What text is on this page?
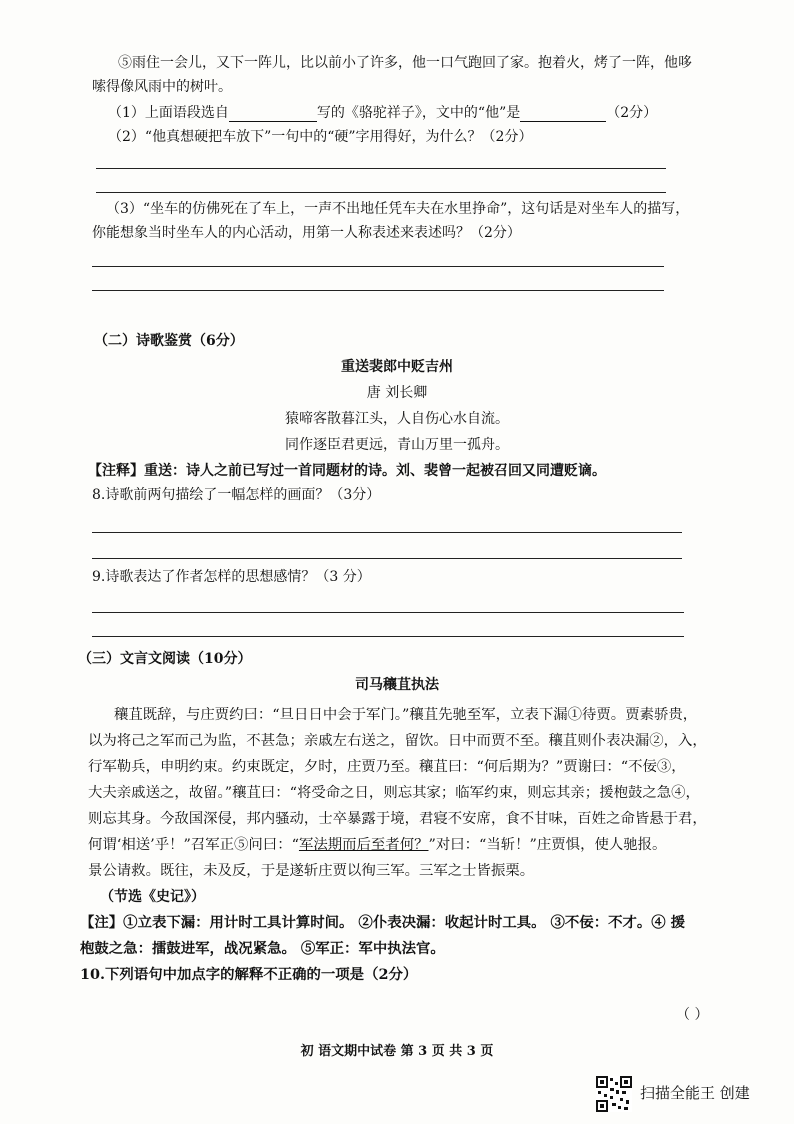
⑤雨住一会儿，又下一阵儿，比以前小了许多，他一口气跑回了家。抱着火，烤了一阵，他哆
嗦得像风雨中的树叶。
（1）上面语段选自	写的《骆驼祥子》，文中的“他”是	（2分）
（2）“他真想硬把车放下”一句中的“硬”字用得好，为什么？（2分）
（3）“坐车的仿佛死在了车上，一声不出地任凭车夫在水里挣命”，这句话是对坐车人的描写，
你能想象当时坐车人的内心活动，用第一人称表述来表述吗？（2分）
（二）诗歌鉴赏（6分）
重送裴郎中贬吉州
唐 刘长卿
猿啼客散暮江头，人自伤心水自流。
同作逐臣君更远，青山万里一孤舟。
【注释】重送：诗人之前已写过一首同题材的诗。刘、裴曾一起被召回又同遭贬谪。
8.诗歌前两句描绘了一幅怎样的画面？（3分）
9.诗歌表达了作者怎样的思想感情？（3 分）
（三）文言文阅读（10分）
司马穰苴执法
穰苴既辞，与庄贾约曰：“旦日日中会于军门。”穰苴先驰至军，立表下漏①待贾。贾素骄贵，
以为将己之军而己为监，不甚急；亲戚左右送之，留饮。日中而贾不至。穰苴则仆表决漏②，入，
行军勒兵，申明约束。约束既定，夕时，庄贾乃至。穰苴曰：“何后期为？”贾谢曰：“不佞③，
大夫亲戚送之，故留。”穰苴曰：“将受命之日，则忘其家；临军约束，则忘其亲；援枹鼓之急④，
则忘其身。今敌国深侵，邦内骚动，士卒暴露于境，君寝不安席，食不甘味，百姓之命皆悬于君，
何谓‘相送’乎！”召军正⑤问曰：“军法期而后至者何？”对曰：“当斩！”庄贾惧，使人驰报。
景公请救。既往，未及反，于是遂斩庄贾以徇三军。三军之士皆振栗。
（节选《史记》）
【注】①立表下漏：用计时工具计算时间。 ②仆表决漏：收起计时工具。 ③不佞：不才。④ 援
枹鼓之急：擂鼓进军，战况紧急。 ⑤军正：军中执法官。
10.下列语句中加点字的解释不正确的一项是（2分）
（ ）
初 语文期中试卷 第 3 页 共 3 页
扫描全能王 创建
